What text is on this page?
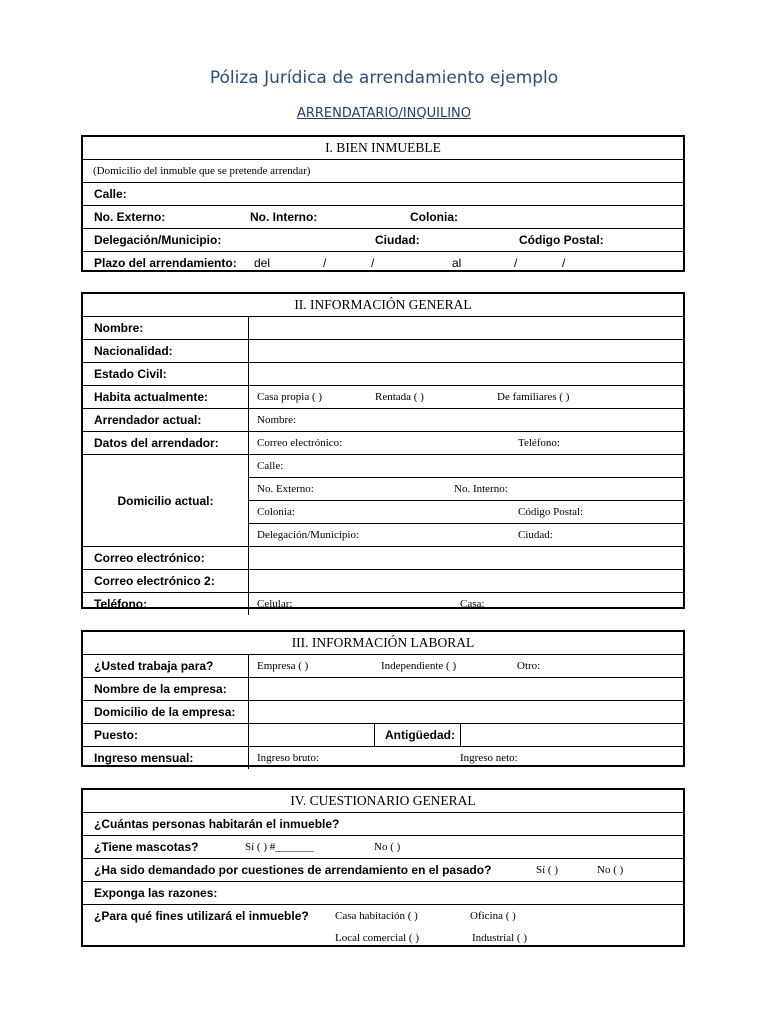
Póliza Jurídica de arrendamiento ejemplo
ARRENDATARIO/INQUILINO
I. BIEN INMUEBLE
(Domicilio del inmuble que se pretende arrendar)
Calle:
No. Externo:	No. Interno:	Colonia:
Delegación/Municipio:	Ciudad:	Código Postal:
Plazo del arrendamiento: del	/	/	al	/	/
II. INFORMACIÓN GENERAL
Nombre:
Nacionalidad:
Estado Civil:
Habita actualmente:	Casa propia ( )	Rentada ( )	De familiares ( )
Arrendador actual:	Nombre:
Datos del arrendador:	Correo electrónico:	Teléfono:
Domicilio actual:
Calle:
No. Externo:	No. Interno:
Colonia:	Código Postal:
Delegación/Municipio:	Ciudad:
Correo electrónico:
Correo electrónico 2:
Teléfono:	Celular:	Casa:
III. INFORMACIÓN LABORAL
¿Usted trabaja para?	Empresa ( )	Independiente ( )	Otro:
Nombre de la empresa:
Domicilio de la empresa:
Puesto:	Antigüedad:
Ingreso mensual:	Ingreso bruto:	Ingreso neto:
IV. CUESTIONARIO GENERAL
¿Cuántas personas habitarán el inmueble?
¿Tiene mascotas?	Sí ( ) #_______	No ( )
¿Ha sido demandado por cuestiones de arrendamiento en el pasado?	Sí ( )	No ( )
Exponga las razones:
¿Para qué fines utilizará el inmueble? Casa habitación ( )	Oficina ( )
Local comercial ( )	Industrial ( )
